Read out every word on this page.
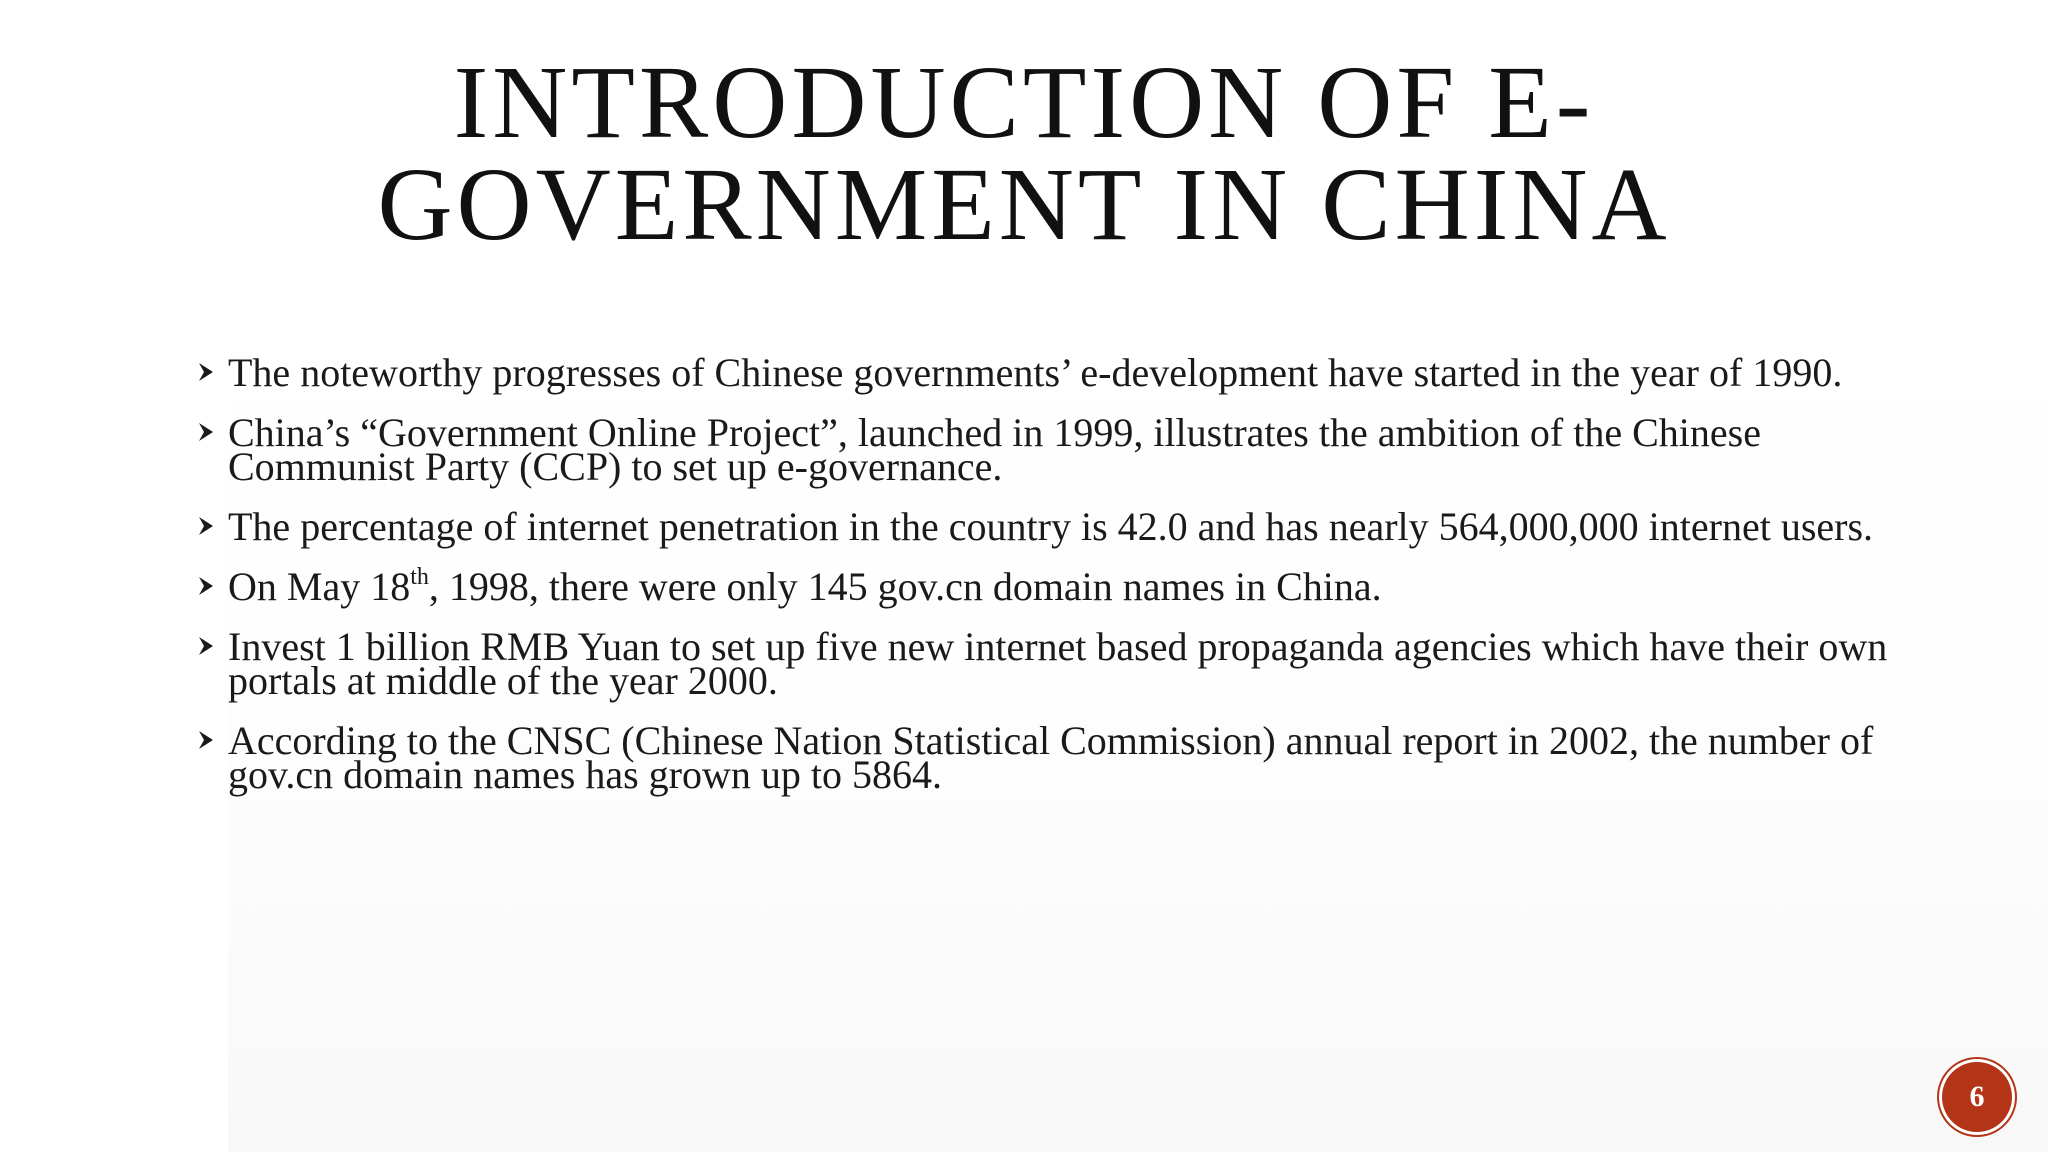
INTRODUCTION OF E-
GOVERNMENT IN CHINA
The noteworthy progresses of Chinese governments’ e-development have started in the year of 1990.
China’s “Government Online Project”, launched in 1999, illustrates the ambition of the Chinese Communist Party (CCP) to set up e-governance.
The percentage of internet penetration in the country is 42.0 and has nearly 564,000,000 internet users.
On May 18th, 1998, there were only 145 gov.cn domain names in China.
Invest 1 billion RMB Yuan to set up five new internet based propaganda agencies which have their own portals at middle of the year 2000.
According to the CNSC (Chinese Nation Statistical Commission) annual report in 2002, the number of gov.cn domain names has grown up to 5864.
6
